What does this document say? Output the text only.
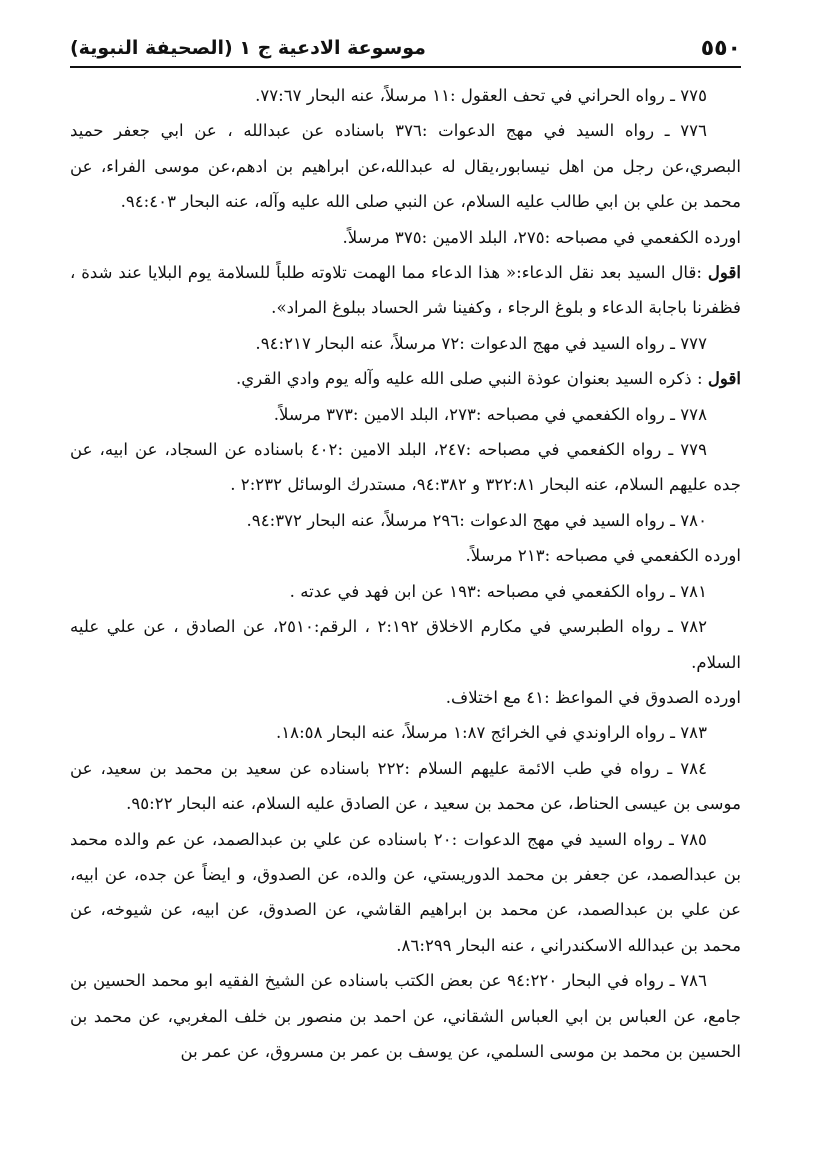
٥٥٠
موسوعة الادعية ج ١ (الصحيفة النبوية)

٧٧٥ ـ رواه الحراني في تحف العقول :١١ مرسلاً، عنه البحار ٧٧:٦٧.

٧٧٦ ـ رواه السيد في مهج الدعوات :٣٧٦ باسناده عن عبدالله ، عن ابي جعفر حميد البصري،عن رجل من اهل نيسابور،يقال له عبدالله،عن ابراهيم بن ادهم،عن موسى الفراء، عن محمد بن علي بن ابي طالب عليه السلام، عن النبي صلى الله عليه وآله، عنه البحار ٩٤:٤٠٣.

اورده الكفعمي في مصباحه :٢٧٥، البلد الامين :٣٧٥ مرسلاً.

اقول :قال السيد بعد نقل الدعاء:« هذا الدعاء مما الهمت تلاوته طلباً للسلامة يوم البلايا عند شدة ، فظفرنا باجابة الدعاء و بلوغ الرجاء ، وكفينا شر الحساد ببلوغ المراد».

٧٧٧ ـ رواه السيد في مهج الدعوات :٧٢ مرسلاً، عنه البحار ٩٤:٢١٧.

اقول : ذكره السيد بعنوان عوذة النبي صلى الله عليه وآله يوم وادي القري.

٧٧٨ ـ رواه الكفعمي في مصباحه :٢٧٣، البلد الامين :٣٧٣ مرسلاً.

٧٧٩ ـ رواه الكفعمي في مصباحه :٢٤٧، البلد الامين :٤٠٢ باسناده عن السجاد، عن ابيه، عن جده عليهم السلام، عنه البحار ٣٢٢:٨١ و ٩٤:٣٨٢، مستدرك الوسائل ٢:٢٣٢ .

٧٨٠ ـ رواه السيد في مهج الدعوات :٢٩٦ مرسلاً، عنه البحار ٩٤:٣٧٢.

اورده الكفعمي في مصباحه :٢١٣ مرسلاً.

٧٨١ ـ رواه الكفعمي في مصباحه :١٩٣ عن ابن فهد في عدته .

٧٨٢ ـ رواه الطبرسي في مكارم الاخلاق ٢:١٩٢ ، الرقم:٢٥١٠، عن الصادق ، عن علي عليه السلام.

اورده الصدوق في المواعظ :٤١ مع اختلاف.

٧٨٣ ـ رواه الراوندي في الخرائج ١:٨٧ مرسلاً، عنه البحار ١٨:٥٨.

٧٨٤ ـ رواه في طب الائمة عليهم السلام :٢٢٢ باسناده عن سعيد بن محمد بن سعيد، عن موسى بن عيسى الحناط، عن محمد بن سعيد ، عن الصادق عليه السلام، عنه البحار ٩٥:٢٢.

٧٨٥ ـ رواه السيد في مهج الدعوات :٢٠ باسناده عن علي بن عبدالصمد، عن عم والده محمد بن عبدالصمد، عن جعفر بن محمد الدوريستي، عن والده، عن الصدوق، و ايضاً عن جده، عن ابيه، عن علي بن عبدالصمد، عن محمد بن ابراهيم القاشي، عن الصدوق، عن ابيه، عن شيوخه، عن محمد بن عبدالله الاسكندراني ، عنه البحار ٨٦:٢٩٩.

٧٨٦ ـ رواه في البحار ٩٤:٢٢٠ عن بعض الكتب باسناده عن الشيخ الفقيه ابو محمد الحسين بن جامع، عن العباس بن ابي العباس الشقاني، عن احمد بن منصور بن خلف المغربي، عن محمد بن الحسين بن محمد بن موسى السلمي، عن يوسف بن عمر بن مسروق، عن عمر بن
